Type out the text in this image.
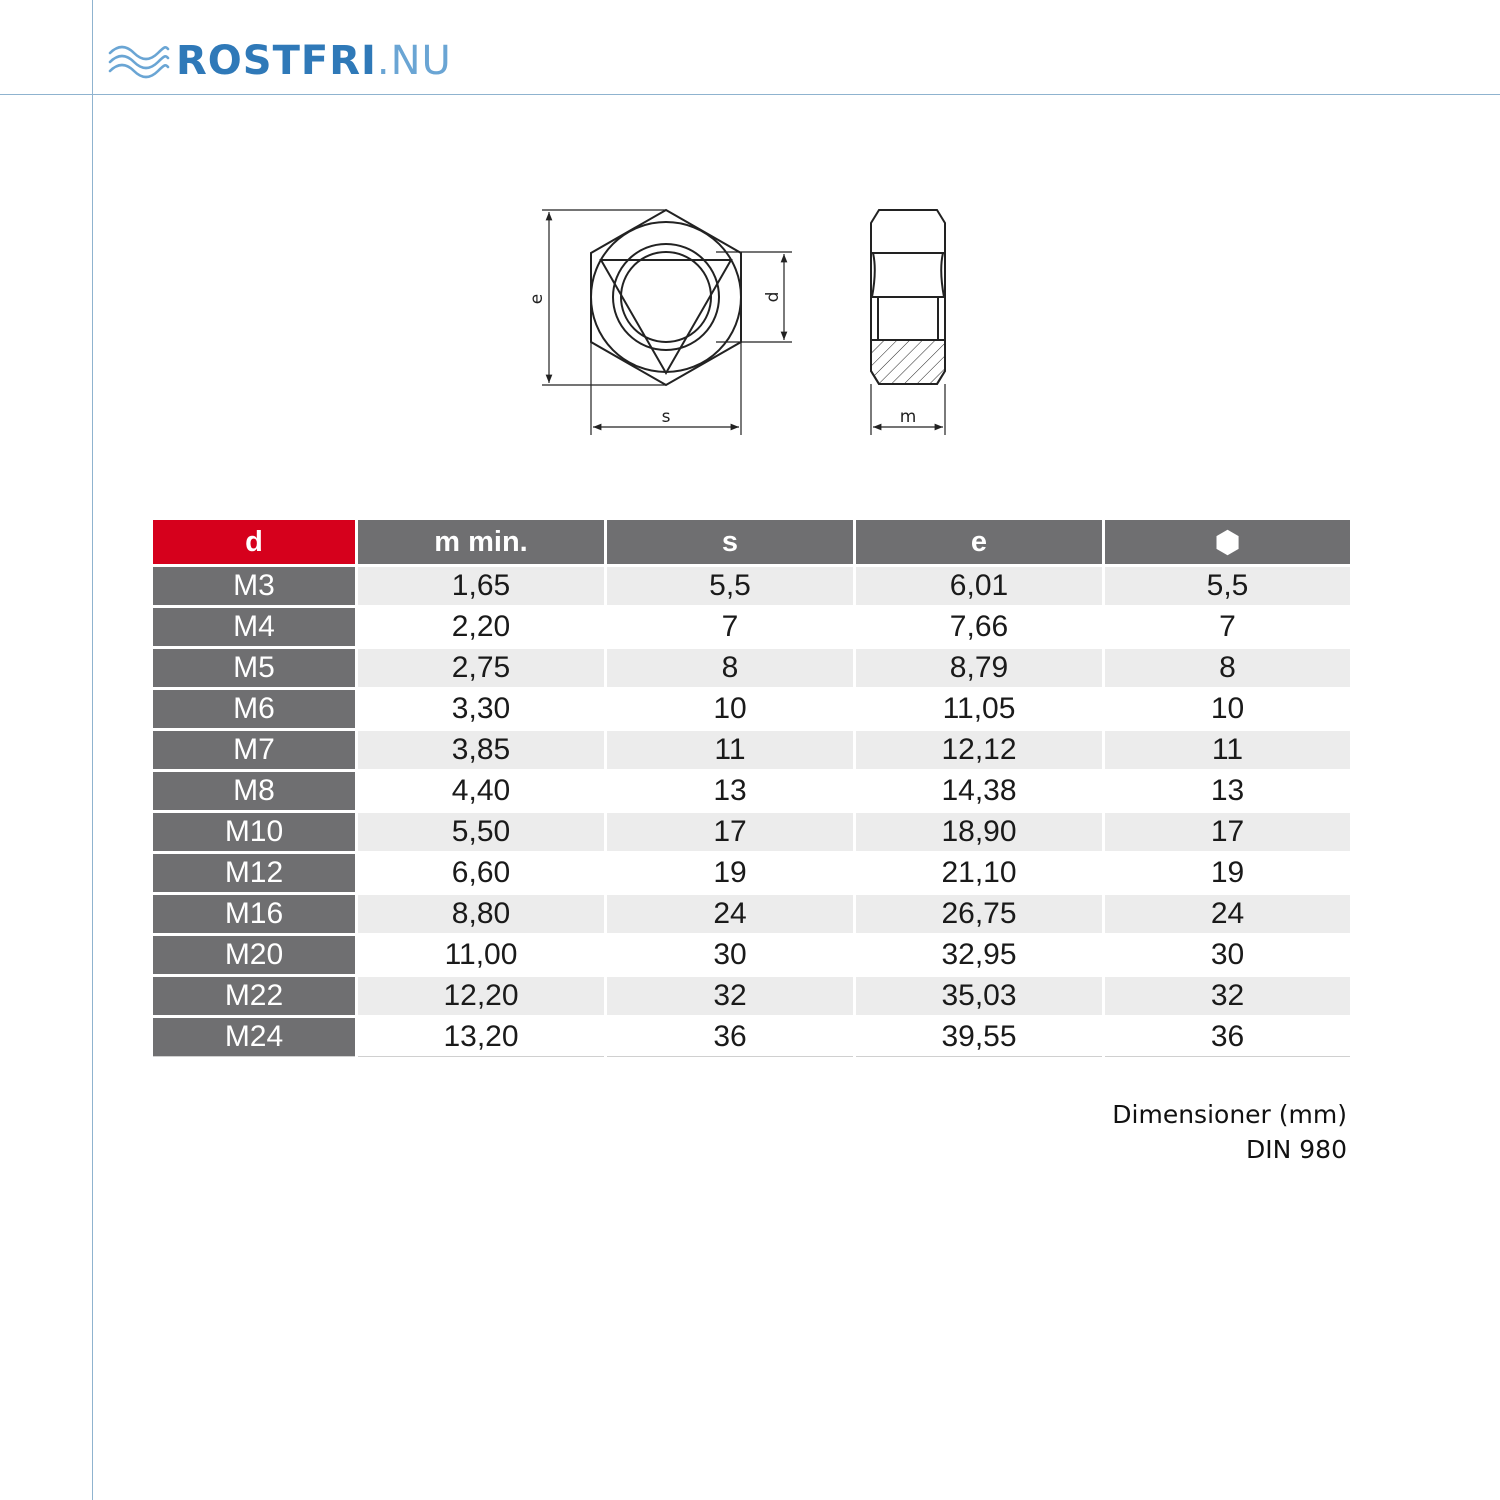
ROSTFRI.NU
e	d
s	m
d	m min.	s	e	⬢
M3	1,65	5,5	6,01	5,5
M4	2,20	7	7,66	7
M5	2,75	8	8,79	8
M6	3,30	10	11,05	10
M7	3,85	11	12,12	11
M8	4,40	13	14,38	13
M10	5,50	17	18,90	17
M12	6,60	19	21,10	19
M16	8,80	24	26,75	24
M20	11,00	30	32,95	30
M22	12,20	32	35,03	32
M24	13,20	36	39,55	36
Dimensioner (mm)
DIN 980
